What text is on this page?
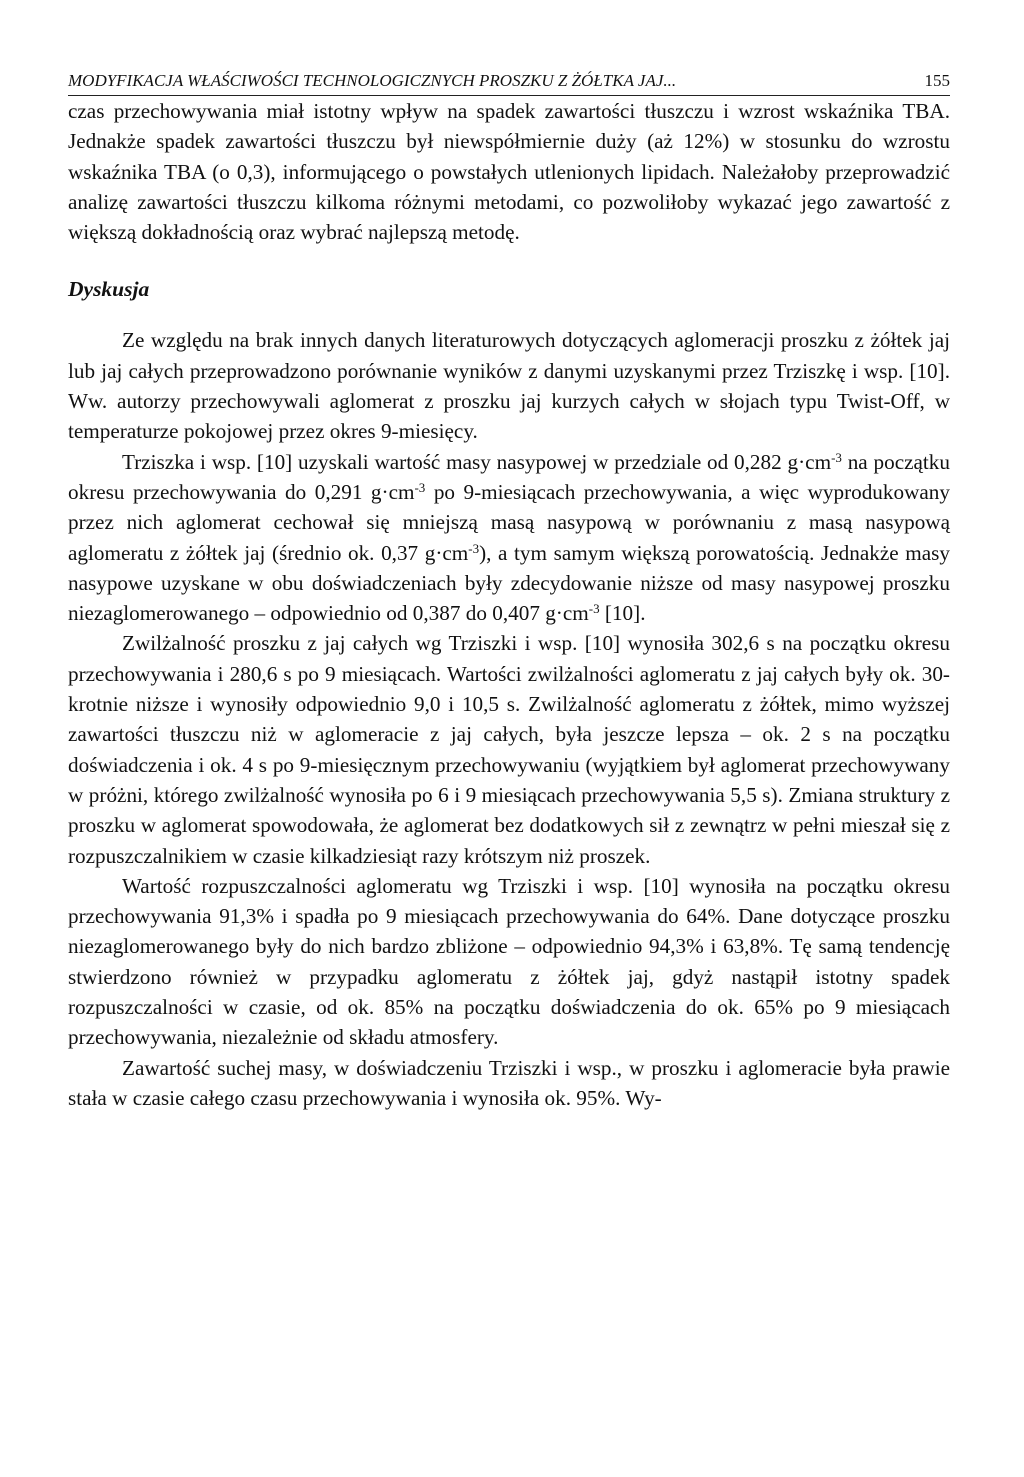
MODYFIKACJA WŁAŚCIWOŚCI TECHNOLOGICZNYCH PROSZKU Z ŻÓŁTKA JAJ...	155

czas przechowywania miał istotny wpływ na spadek zawartości tłuszczu i wzrost wskaźnika TBA. Jednakże spadek zawartości tłuszczu był niewspółmiernie duży (aż 12%) w stosunku do wzrostu wskaźnika TBA (o 0,3), informującego o powstałych utlenionych lipidach. Należałoby przeprowadzić analizę zawartości tłuszczu kilkoma różnymi metodami, co pozwoliłoby wykazać jego zawartość z większą dokładnością oraz wybrać najlepszą metodę.

Dyskusja

Ze względu na brak innych danych literaturowych dotyczących aglomeracji proszku z żółtek jaj lub jaj całych przeprowadzono porównanie wyników z danymi uzyskanymi przez Trziszkę i wsp. [10]. Ww. autorzy przechowywali aglomerat z proszku jaj kurzych całych w słojach typu Twist-Off, w temperaturze pokojowej przez okres 9-miesięcy.

Trziszka i wsp. [10] uzyskali wartość masy nasypowej w przedziale od 0,282 $g\cdot cm^{-3}$ na początku okresu przechowywania do 0,291 $g\cdot cm^{-3}$ po 9-miesiącach przechowywania, a więc wyprodukowany przez nich aglomerat cechował się mniejszą masą nasypową w porównaniu z masą nasypową aglomeratu z żółtek jaj (średnio ok. 0,37 $g\cdot cm^{-3}$), a tym samym większą porowatością. Jednakże masy nasypowe uzyskane w obu doświadczeniach były zdecydowanie niższe od masy nasypowej proszku niezaglomerowanego – odpowiednio od 0,387 do 0,407 $g\cdot cm^{-3}$ [10].

Zwilżalność proszku z jaj całych wg Trziszki i wsp. [10] wynosiła 302,6 s na początku okresu przechowywania i 280,6 s po 9 miesiącach. Wartości zwilżalności aglomeratu z jaj całych były ok. 30-krotnie niższe i wynosiły odpowiednio 9,0 i 10,5 s. Zwilżalność aglomeratu z żółtek, mimo wyższej zawartości tłuszczu niż w aglomeracie z jaj całych, była jeszcze lepsza – ok. 2 s na początku doświadczenia i ok. 4 s po 9-miesięcznym przechowywaniu (wyjątkiem był aglomerat przechowywany w próżni, którego zwilżalność wynosiła po 6 i 9 miesiącach przechowywania 5,5 s). Zmiana struktury z proszku w aglomerat spowodowała, że aglomerat bez dodatkowych sił z zewnątrz w pełni mieszał się z rozpuszczalnikiem w czasie kilkadziesiąt razy krótszym niż proszek.

Wartość rozpuszczalności aglomeratu wg Trziszki i wsp. [10] wynosiła na początku okresu przechowywania 91,3% i spadła po 9 miesiącach przechowywania do 64%. Dane dotyczące proszku niezaglomerowanego były do nich bardzo zbliżone – odpowiednio 94,3% i 63,8%. Tę samą tendencję stwierdzono również w przypadku aglomeratu z żółtek jaj, gdyż nastąpił istotny spadek rozpuszczalności w czasie, od ok. 85% na początku doświadczenia do ok. 65% po 9 miesiącach przechowywania, niezależnie od składu atmosfery.

Zawartość suchej masy, w doświadczeniu Trziszki i wsp., w proszku i aglomeracie była prawie stała w czasie całego czasu przechowywania i wynosiła ok. 95%. Wy-
